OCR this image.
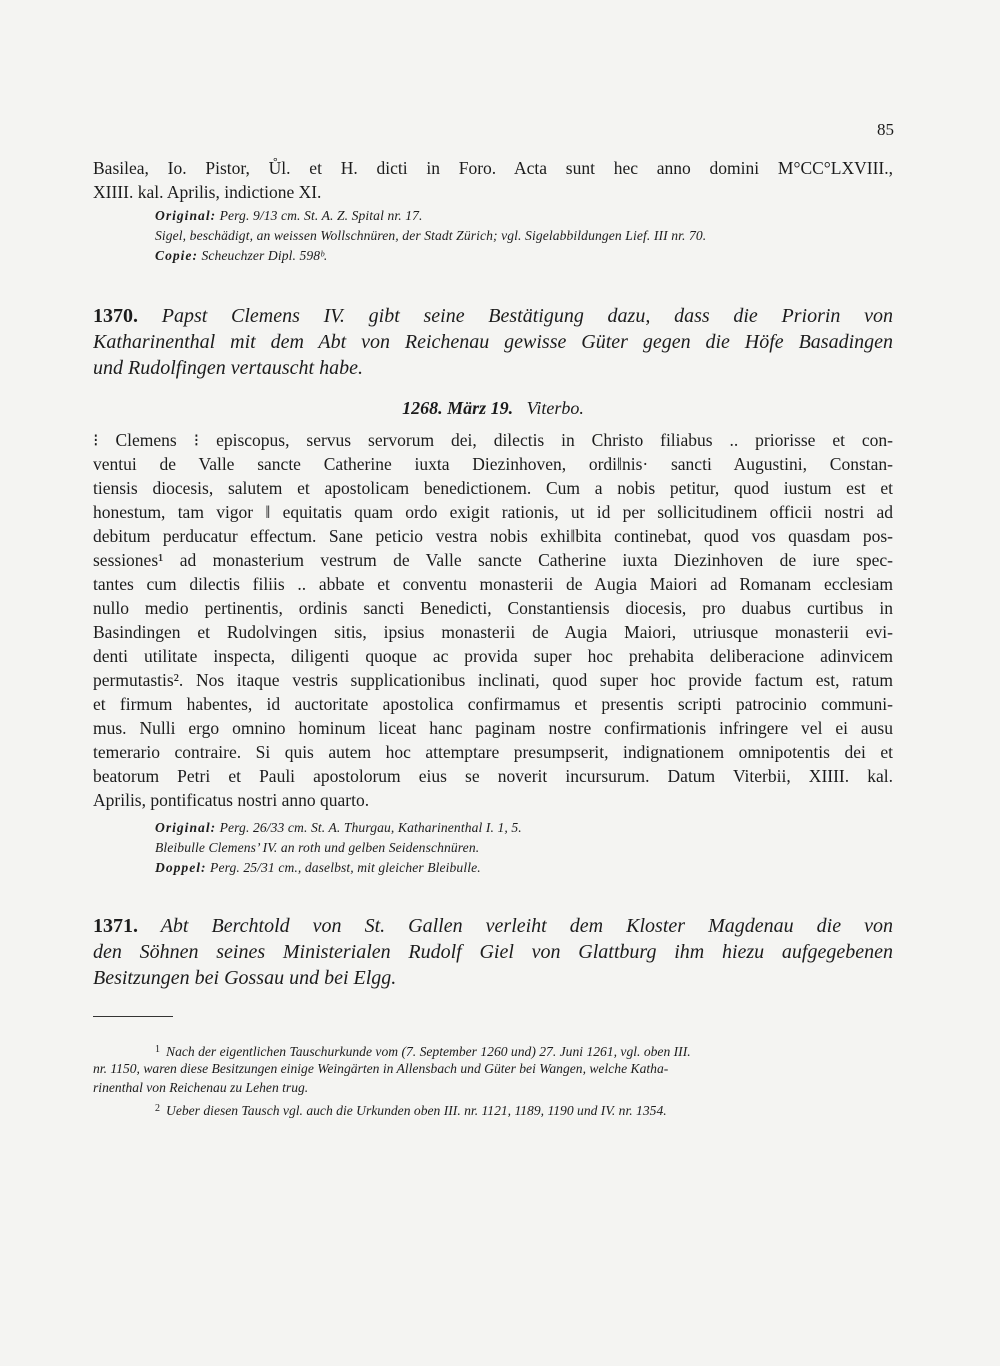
85
Basilea, Io. Pistor, Ůl. et H. dicti in Foro. Acta sunt hec anno domini M°CC°LXVIII.,
XIIII. kal. Aprilis, indictione XI.
Original: Perg. 9/13 cm. St. A. Z. Spital nr. 17.
Sigel, beschädigt, an weissen Wollschnüren, der Stadt Zürich; vgl. Sigelabbildungen Lief. III nr. 70.
Copie: Scheuchzer Dipl. 598ᵇ.
1370. Papst Clemens IV. gibt seine Bestätigung dazu, dass die Priorin von
Katharinenthal mit dem Abt von Reichenau gewisse Güter gegen die Höfe Basadingen
und Rudolfingen vertauscht habe.
1268. März 19. Viterbo.
⁝ Clemens ⁝ episcopus, servus servorum dei, dilectis in Christo filiabus .. priorisse et con-
ventui de Valle sancte Catherine iuxta Diezinhoven, ordi‖nis· sancti Augustini, Constan-
tiensis diocesis, salutem et apostolicam benedictionem. Cum a nobis petitur, quod iustum est et
honestum, tam vigor ‖ equitatis quam ordo exigit rationis, ut id per sollicitudinem officii nostri ad
debitum perducatur effectum. Sane peticio vestra nobis exhi‖bita continebat, quod vos quasdam pos-
sessiones¹ ad monasterium vestrum de Valle sancte Catherine iuxta Diezinhoven de iure spec-
tantes cum dilectis filiis .. abbate et conventu monasterii de Augia Maiori ad Romanam ecclesiam
nullo medio pertinentis, ordinis sancti Benedicti, Constantiensis diocesis, pro duabus curtibus in
Basindingen et Rudolvingen sitis, ipsius monasterii de Augia Maiori, utriusque monasterii evi-
denti utilitate inspecta, diligenti quoque ac provida super hoc prehabita deliberacione adinvicem
permutastis². Nos itaque vestris supplicationibus inclinati, quod super hoc provide factum est, ratum
et firmum habentes, id auctoritate apostolica confirmamus et presentis scripti patrocinio communi-
mus. Nulli ergo omnino hominum liceat hanc paginam nostre confirmationis infringere vel ei ausu
temerario contraire. Si quis autem hoc attemptare presumpserit, indignationem omnipotentis dei et
beatorum Petri et Pauli apostolorum eius se noverit incursurum. Datum Viterbii, XIIII. kal.
Aprilis, pontificatus nostri anno quarto.
Original: Perg. 26/33 cm. St. A. Thurgau, Katharinenthal I. 1, 5.
Bleibulle Clemens’ IV. an roth und gelben Seidenschnüren.
Doppel: Perg. 25/31 cm., daselbst, mit gleicher Bleibulle.
1371. Abt Berchtold von St. Gallen verleiht dem Kloster Magdenau die von
den Söhnen seines Ministerialen Rudolf Giel von Glattburg ihm hiezu aufgegebenen
Besitzungen bei Gossau und bei Elgg.
$^1$ Nach der eigentlichen Tauschurkunde vom (7. September 1260 und) 27. Juni 1261, vgl. oben III.
nr. 1150, waren diese Besitzungen einige Weingärten in Allensbach und Güter bei Wangen, welche Katha-
rinenthal von Reichenau zu Lehen trug.
$^2$ Ueber diesen Tausch vgl. auch die Urkunden oben III. nr. 1121, 1189, 1190 und IV. nr. 1354.
